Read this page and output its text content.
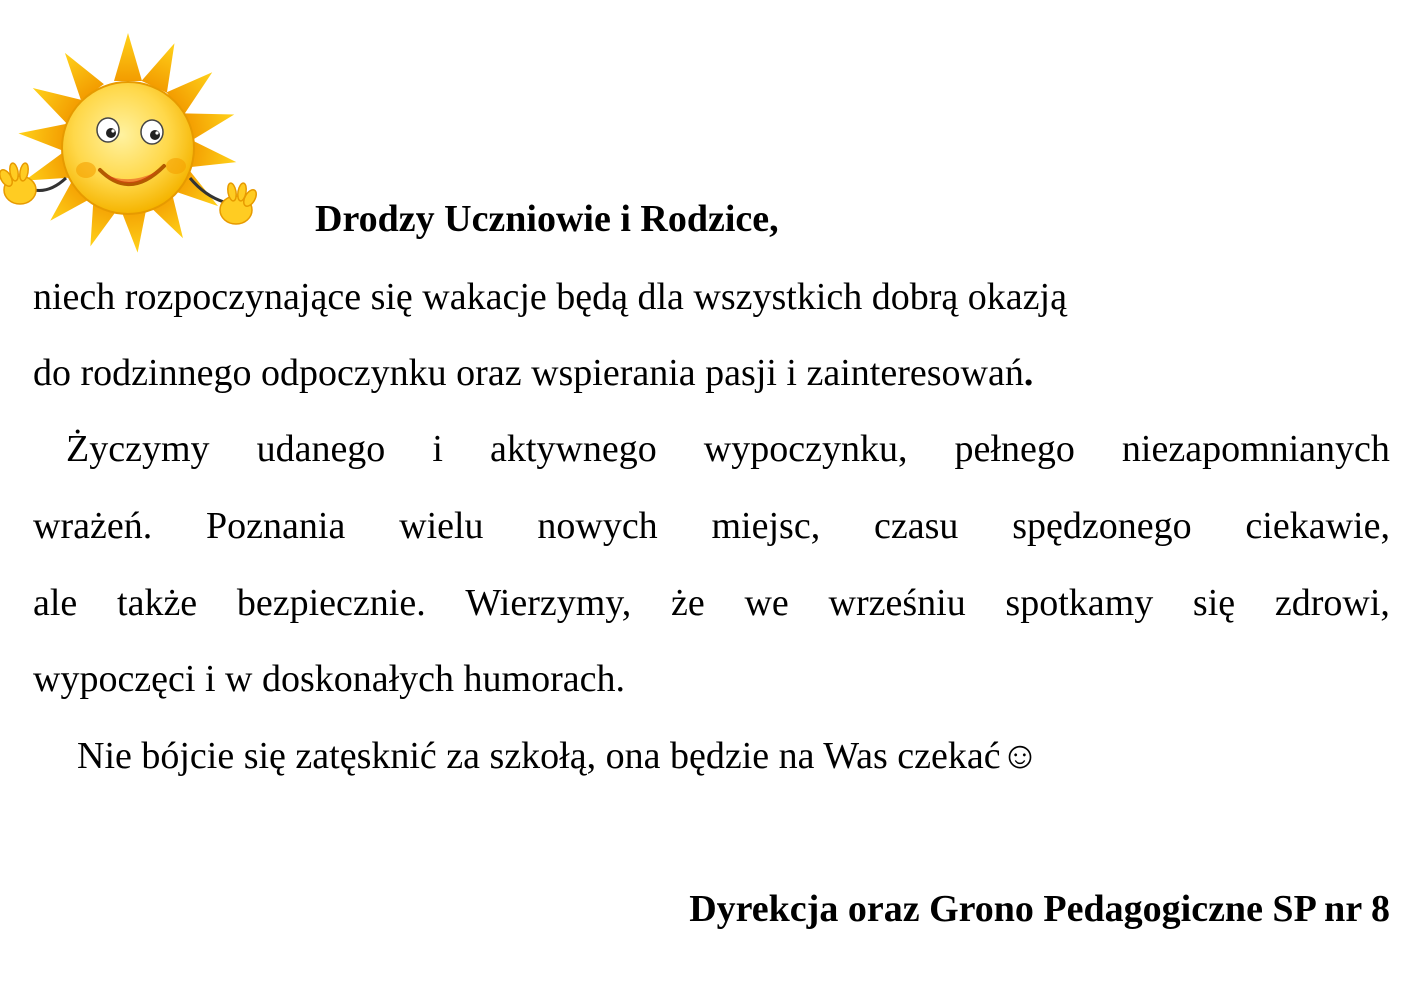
Drodzy Uczniowie i Rodzice,
niech rozpoczynające się wakacje będą dla wszystkich dobrą okazją
do rodzinnego odpoczynku oraz wspierania pasji i zainteresowań.
Życzymy udanego i aktywnego wypoczynku, pełnego niezapomnianych
wrażeń. Poznania wielu nowych miejsc, czasu spędzonego ciekawie,
ale także bezpiecznie. Wierzymy, że we wrześniu spotkamy się zdrowi,
wypoczęci i w doskonałych humorach.
Nie bójcie się zatęsknić za szkołą, ona będzie na Was czekać☺
Dyrekcja oraz Grono Pedagogiczne SP nr 8
